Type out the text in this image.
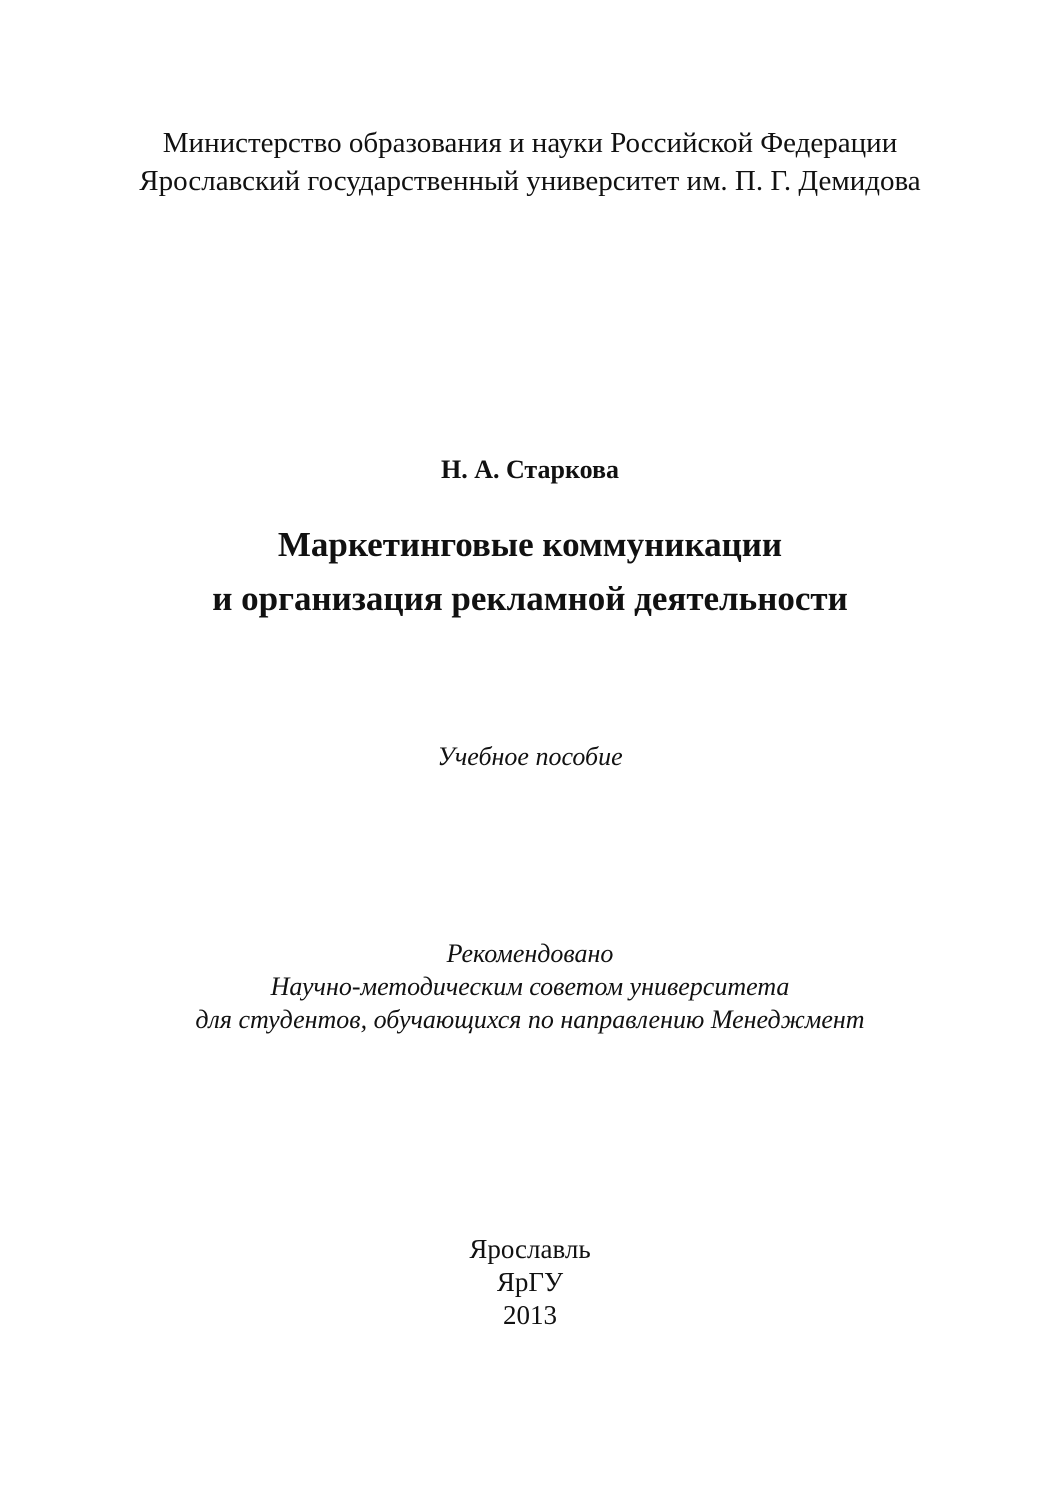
Министерство образования и науки Российской Федерации
Ярославский государственный университет им. П. Г. Демидова
Н. А. Старкова
Маркетинговые коммуникации
и организация рекламной деятельности
Учебное пособие
Рекомендовано
Научно-методическим советом университета
для студентов, обучающихся по направлению Менеджмент
Ярославль
ЯрГУ
2013
